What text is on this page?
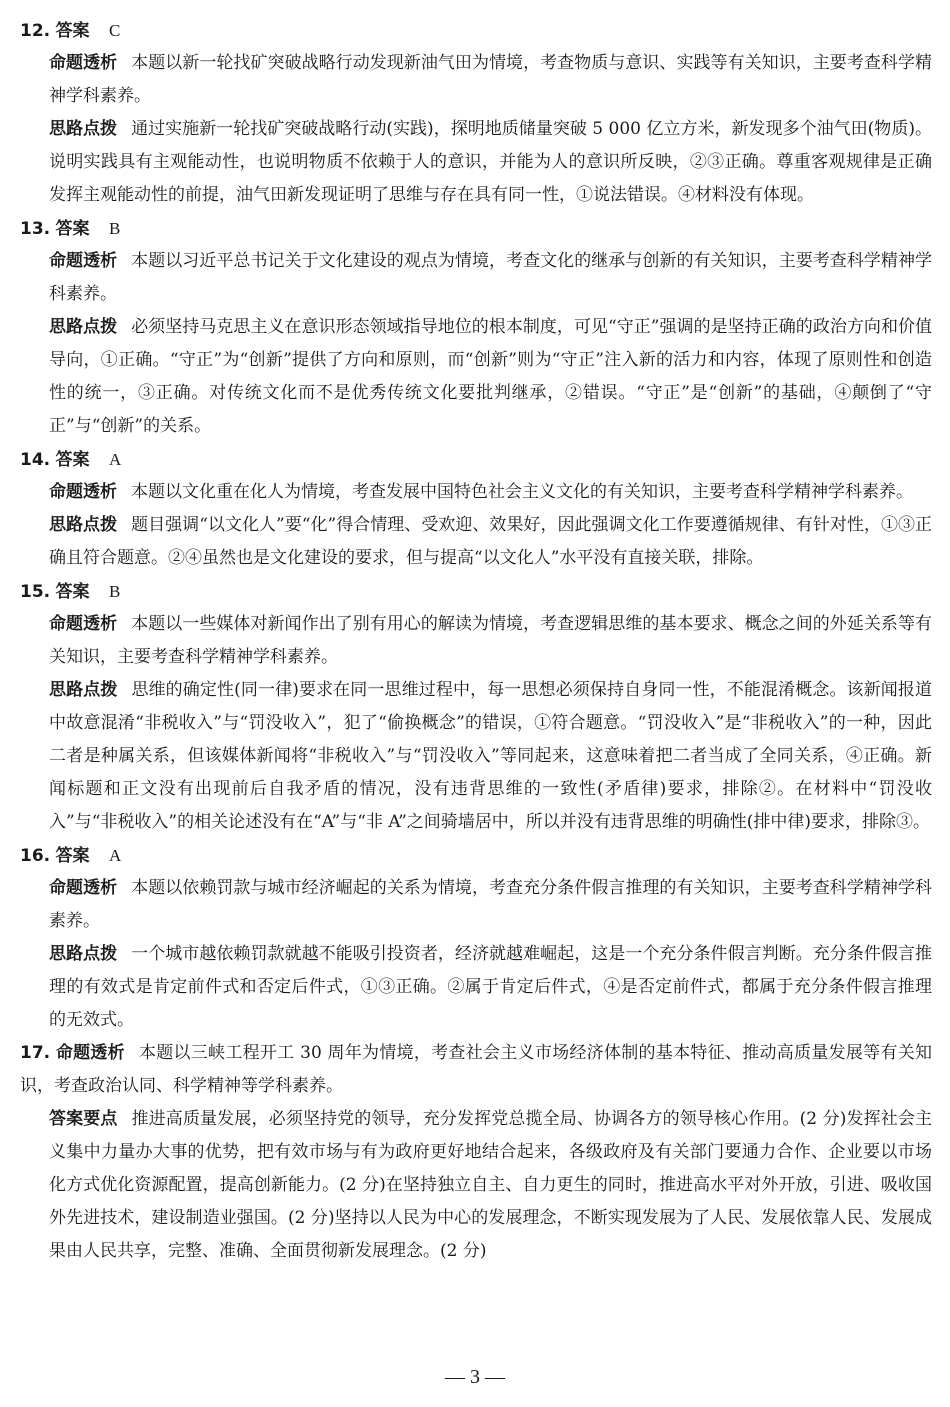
12. 答案 C
命题透析 本题以新一轮找矿突破战略行动发现新油气田为情境，考查物质与意识、实践等有关知识，主要考查科学精神学科素养。
思路点拨 通过实施新一轮找矿突破战略行动(实践)，探明地质储量突破 5 000 亿立方米，新发现多个油气田(物质)。说明实践具有主观能动性，也说明物质不依赖于人的意识，并能为人的意识所反映，②③正确。尊重客观规律是正确发挥主观能动性的前提，油气田新发现证明了思维与存在具有同一性，①说法错误。④材料没有体现。
13. 答案 B
命题透析 本题以习近平总书记关于文化建设的观点为情境，考查文化的继承与创新的有关知识，主要考查科学精神学科素养。
思路点拨 必须坚持马克思主义在意识形态领域指导地位的根本制度，可见“守正”强调的是坚持正确的政治方向和价值导向，①正确。“守正”为“创新”提供了方向和原则，而“创新”则为“守正”注入新的活力和内容，体现了原则性和创造性的统一，③正确。对传统文化而不是优秀传统文化要批判继承，②错误。“守正”是“创新”的基础，④颠倒了“守正”与“创新”的关系。
14. 答案 A
命题透析 本题以文化重在化人为情境，考查发展中国特色社会主义文化的有关知识，主要考查科学精神学科素养。
思路点拨 题目强调“以文化人”要“化”得合情理、受欢迎、效果好，因此强调文化工作要遵循规律、有针对性，①③正确且符合题意。②④虽然也是文化建设的要求，但与提高“以文化人”水平没有直接关联，排除。
15. 答案 B
命题透析 本题以一些媒体对新闻作出了别有用心的解读为情境，考查逻辑思维的基本要求、概念之间的外延关系等有关知识，主要考查科学精神学科素养。
思路点拨 思维的确定性(同一律)要求在同一思维过程中，每一思想必须保持自身同一性，不能混淆概念。该新闻报道中故意混淆“非税收入”与“罚没收入”，犯了“偷换概念”的错误，①符合题意。“罚没收入”是“非税收入”的一种，因此二者是种属关系，但该媒体新闻将“非税收入”与“罚没收入”等同起来，这意味着把二者当成了全同关系，④正确。新闻标题和正文没有出现前后自我矛盾的情况，没有违背思维的一致性(矛盾律)要求，排除②。在材料中“罚没收入”与“非税收入”的相关论述没有在“A”与“非 A”之间骑墙居中，所以并没有违背思维的明确性(排中律)要求，排除③。
16. 答案 A
命题透析 本题以依赖罚款与城市经济崛起的关系为情境，考查充分条件假言推理的有关知识，主要考查科学精神学科素养。
思路点拨 一个城市越依赖罚款就越不能吸引投资者，经济就越难崛起，这是一个充分条件假言判断。充分条件假言推理的有效式是肯定前件式和否定后件式，①③正确。②属于肯定后件式，④是否定前件式，都属于充分条件假言推理的无效式。
17. 命题透析 本题以三峡工程开工 30 周年为情境，考查社会主义市场经济体制的基本特征、推动高质量发展等有关知识，考查政治认同、科学精神等学科素养。
答案要点 推进高质量发展，必须坚持党的领导，充分发挥党总揽全局、协调各方的领导核心作用。(2 分)发挥社会主义集中力量办大事的优势，把有效市场与有为政府更好地结合起来，各级政府及有关部门要通力合作、企业要以市场化方式优化资源配置，提高创新能力。(2 分)在坚持独立自主、自力更生的同时，推进高水平对外开放，引进、吸收国外先进技术，建设制造业强国。(2 分)坚持以人民为中心的发展理念，不断实现发展为了人民、发展依靠人民、发展成果由人民共享，完整、准确、全面贯彻新发展理念。(2 分)
— 3 —
